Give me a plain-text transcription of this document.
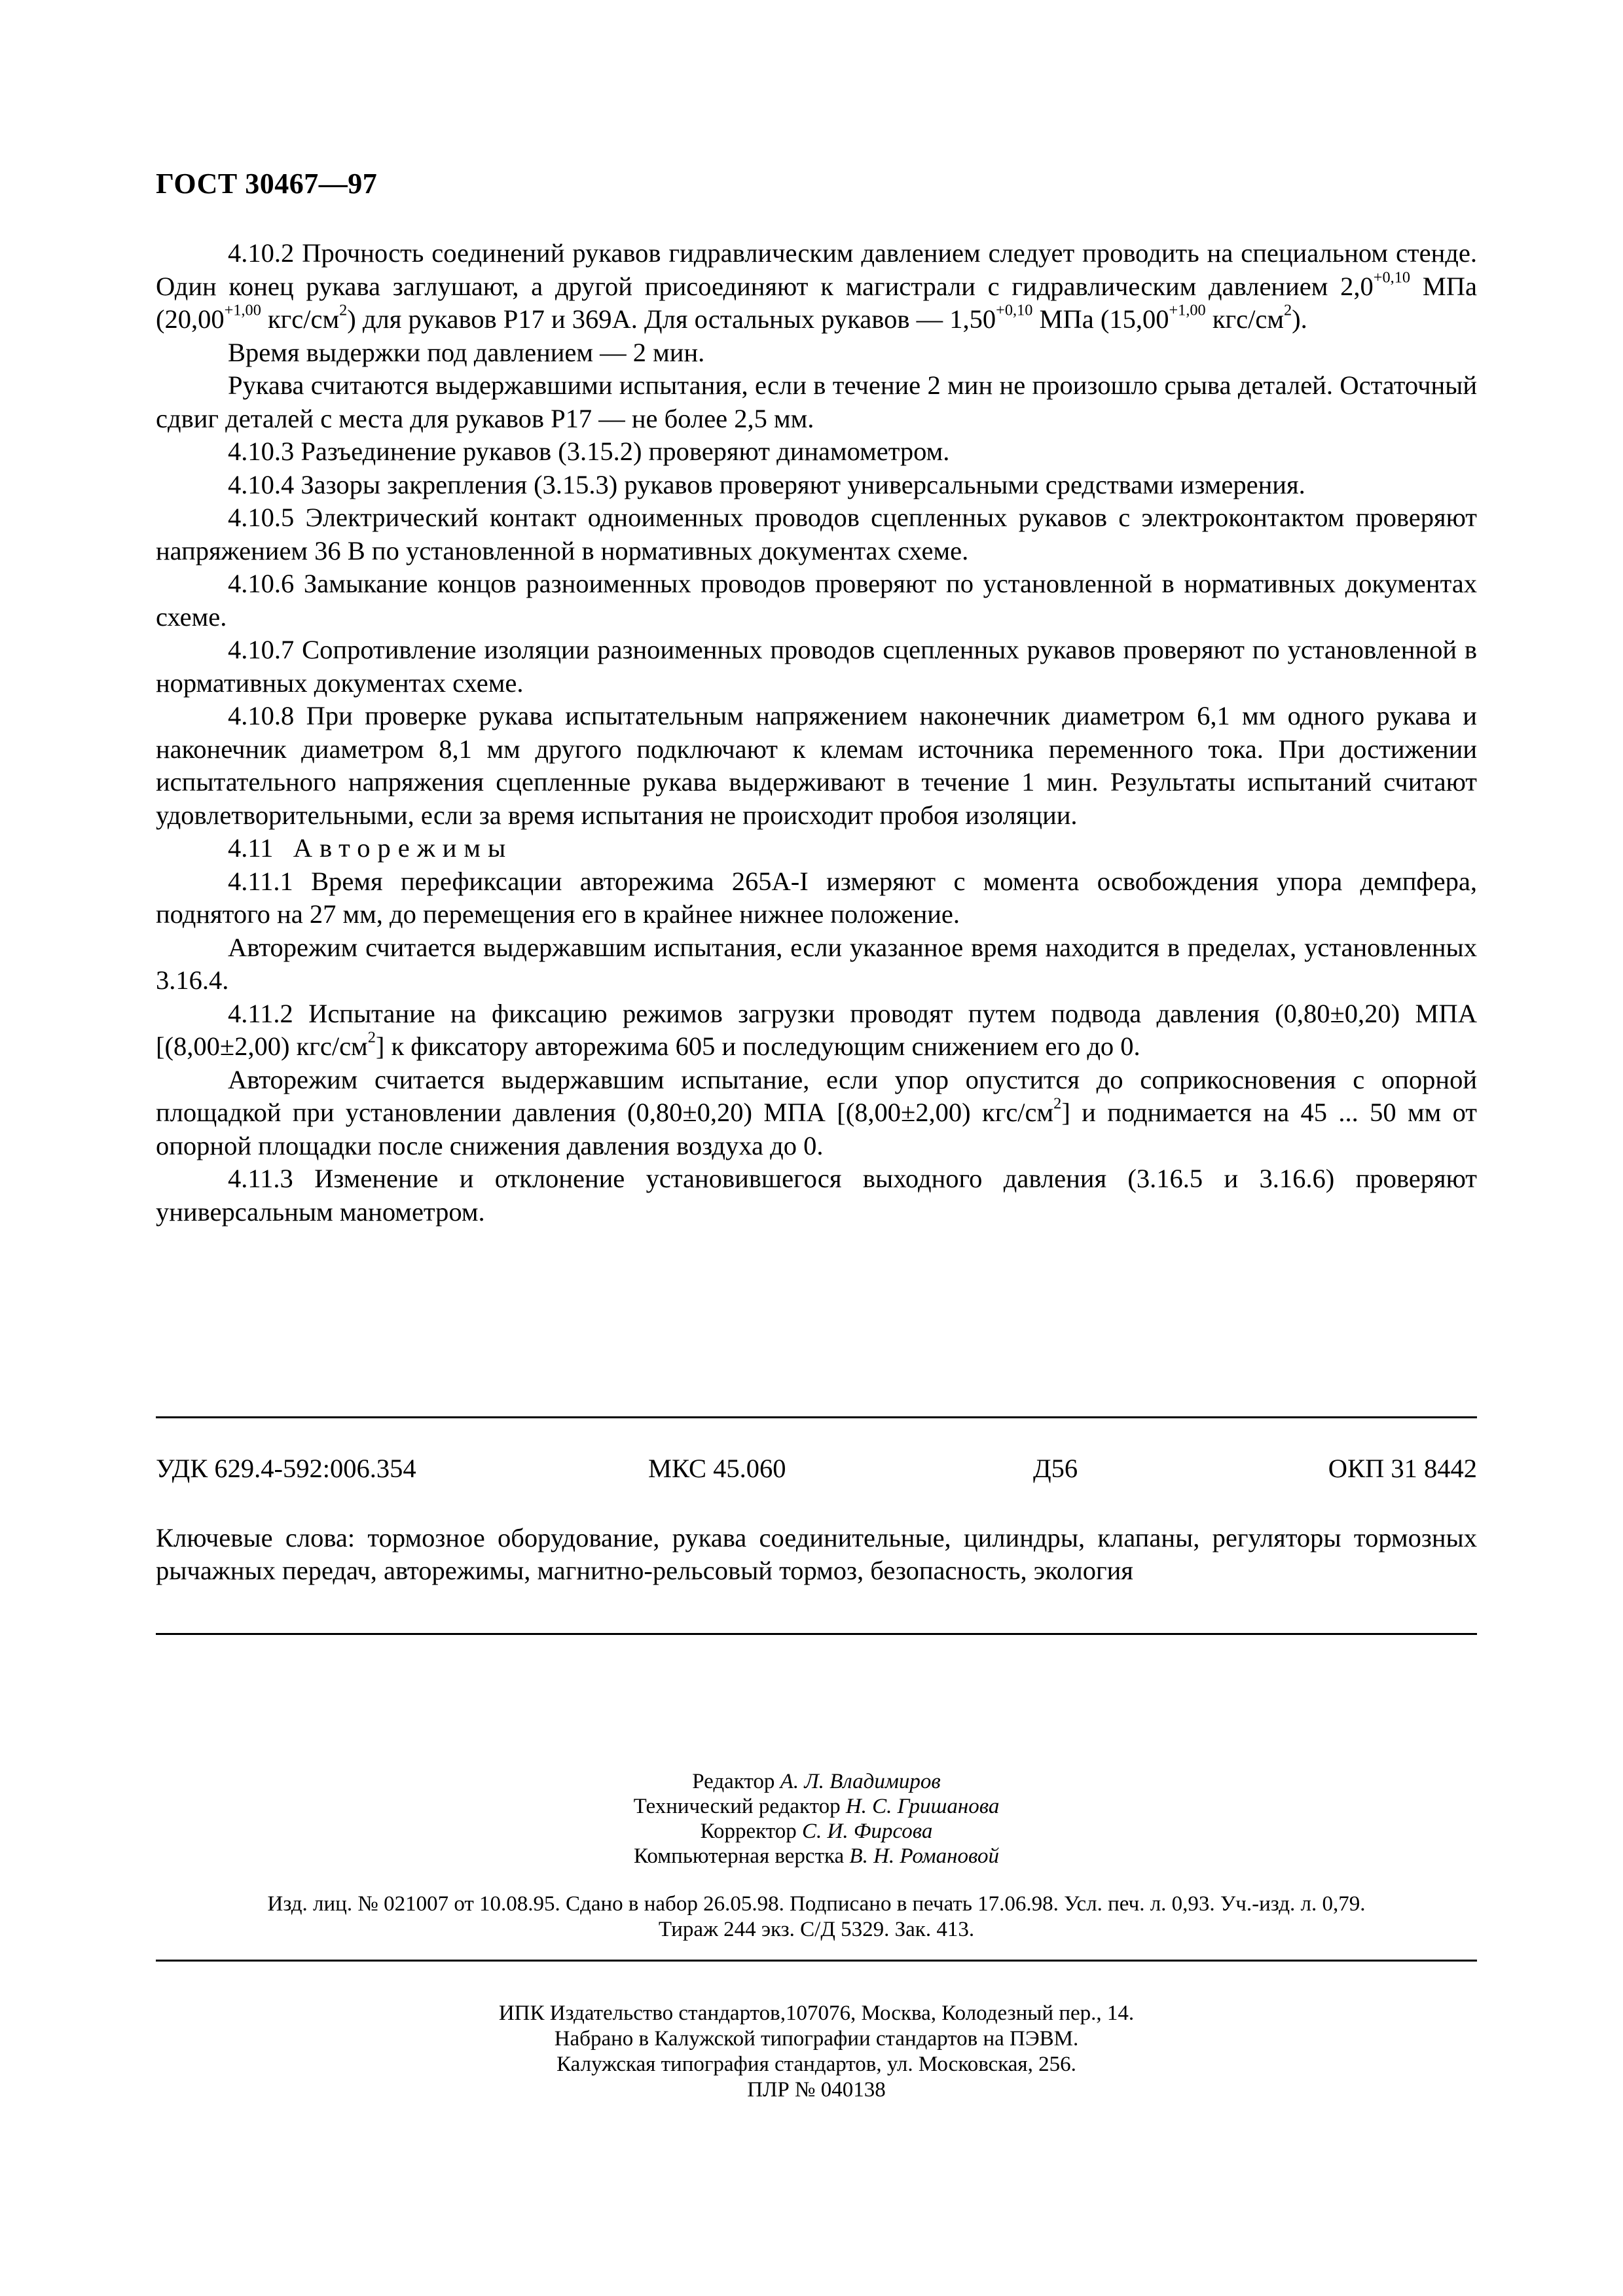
ГОСТ 30467—97

4.10.2 Прочность соединений рукавов гидравлическим давлением следует проводить на специальном стенде. Один конец рукава заглушают, а другой присоединяют к магистрали с гидравлическим давлением $2,0^{+0,10}$ МПа ($20,00^{+1,00}$ кгс/$см^2$) для рукавов Р17 и 369А. Для остальных рукавов — $1,50^{+0,10}$ МПа ($15,00^{+1,00}$ кгс/$см^2$).

Время выдержки под давлением — 2 мин.

Рукава считаются выдержавшими испытания, если в течение 2 мин не произошло срыва деталей. Остаточный сдвиг деталей с места для рукавов Р17 — не более 2,5 мм.

4.10.3 Разъединение рукавов (3.15.2) проверяют динамометром.

4.10.4 Зазоры закрепления (3.15.3) рукавов проверяют универсальными средствами измерения.

4.10.5 Электрический контакт одноименных проводов сцепленных рукавов с электроконтактом проверяют напряжением 36 В по установленной в нормативных документах схеме.

4.10.6 Замыкание концов разноименных проводов проверяют по установленной в нормативных документах схеме.

4.10.7 Сопротивление изоляции разноименных проводов сцепленных рукавов проверяют по установленной в нормативных документах схеме.

4.10.8 При проверке рукава испытательным напряжением наконечник диаметром 6,1 мм одного рукава и наконечник диаметром 8,1 мм другого подключают к клемам источника переменного тока. При достижении испытательного напряжения сцепленные рукава выдерживают в течение 1 мин. Результаты испытаний считают удовлетворительными, если за время испытания не происходит пробоя изоляции.

4.11 Авторежимы

4.11.1 Время перефиксации авторежима 265А-I измеряют с момента освобождения упора демпфера, поднятого на 27 мм, до перемещения его в крайнее нижнее положение.

Авторежим считается выдержавшим испытания, если указанное время находится в пределах, установленных 3.16.4.

4.11.2 Испытание на фиксацию режимов загрузки проводят путем подвода давления (0,80±0,20) МПА [(8,00±2,00) кгс/$см^2$] к фиксатору авторежима 605 и последующим снижением его до 0.

Авторежим считается выдержавшим испытание, если упор опустится до соприкосновения с опорной площадкой при установлении давления (0,80±0,20) МПА [(8,00±2,00) кгс/$см^2$] и поднимается на 45 ... 50 мм от опорной площадки после снижения давления воздуха до 0.

4.11.3 Изменение и отклонение установившегося выходного давления (3.16.5 и 3.16.6) проверяют универсальным манометром.

УДК 629.4-592:006.354	МКС 45.060	Д56	ОКП 31 8442
Ключевые слова: тормозное оборудование, рукава соединительные, цилиндры, клапаны, регуляторы тормозных рычажных передач, авторежимы, магнитно-рельсовый тормоз, безопасность, экология
Редактор А. Л. Владимиров
Технический редактор Н. С. Гришанова
Корректор С. И. Фирсова
Компьютерная верстка В. Н. Романовой
Изд. лиц. № 021007 от 10.08.95. Сдано в набор 26.05.98. Подписано в печать 17.06.98. Усл. печ. л. 0,93. Уч.-изд. л. 0,79.
Тираж 244 экз. С/Д 5329. Зак. 413.
ИПК Издательство стандартов,107076, Москва, Колодезный пер., 14.
Набрано в Калужской типографии стандартов на ПЭВМ.
Калужская типография стандартов, ул. Московская, 256.
ПЛР № 040138
